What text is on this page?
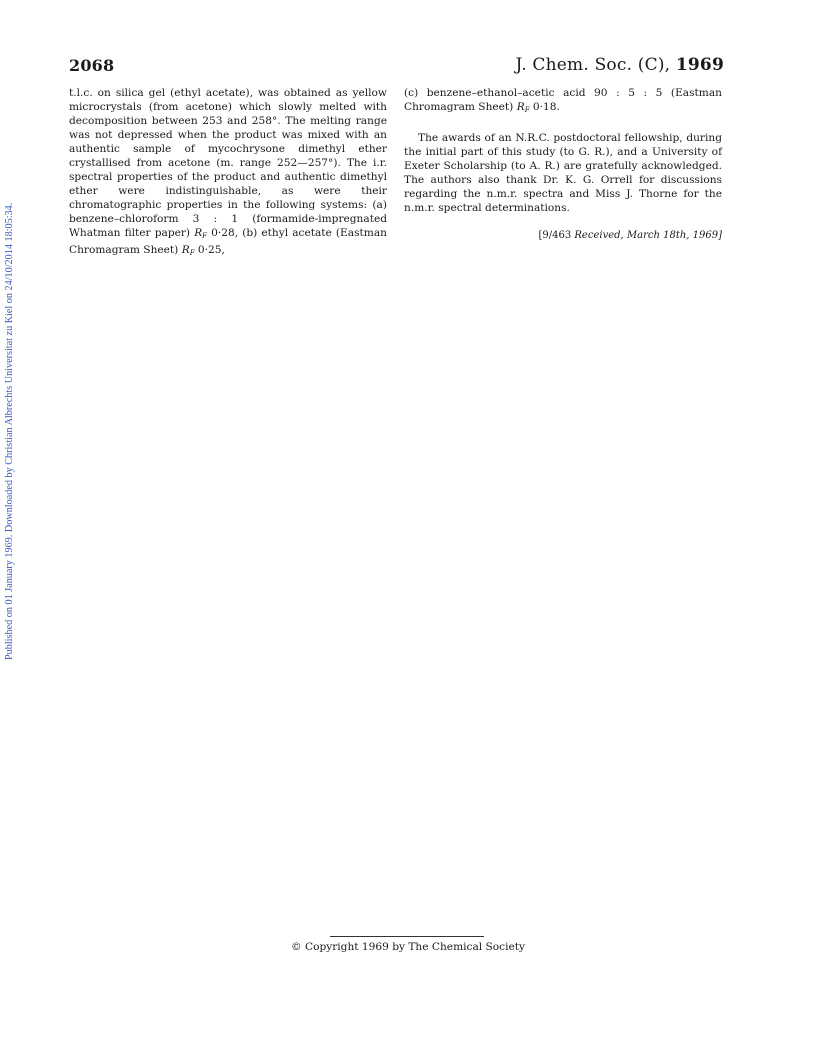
2068	J. Chem. Soc. (C), 1969
Published on 01 January 1969. Downloaded by Christian Albrechts Universitat zu Kiel on 24/10/2014 18:05:34.

t.l.c. on silica gel (ethyl acetate), was obtained as yellow microcrystals (from acetone) which slowly melted with decomposition between 253 and 258°. The melting range was not depressed when the product was mixed with an authentic sample of mycochrysone dimethyl ether crystallised from acetone (m. range 252—257°). The i.r. spectral properties of the product and authentic dimethyl ether were indistinguishable, as were their chromatographic properties in the following systems: (a) benzene–chloroform 3 : 1 (formamide-impregnated Whatman filter paper) $R_F$ 0·28, (b) ethyl acetate (Eastman Chromagram Sheet) $R_F$ 0·25,

(c) benzene–ethanol–acetic acid 90 : 5 : 5 (Eastman Chromagram Sheet) $R_F$ 0·18.

The awards of an N.R.C. postdoctoral fellowship, during the initial part of this study (to G. R.), and a University of Exeter Scholarship (to A. R.) are gratefully acknowledged. The authors also thank Dr. K. G. Orrell for discussions regarding the n.m.r. spectra and Miss J. Thorne for the n.m.r. spectral determinations.

[9/463 Received, March 18th, 1969]

© Copyright 1969 by The Chemical Society
